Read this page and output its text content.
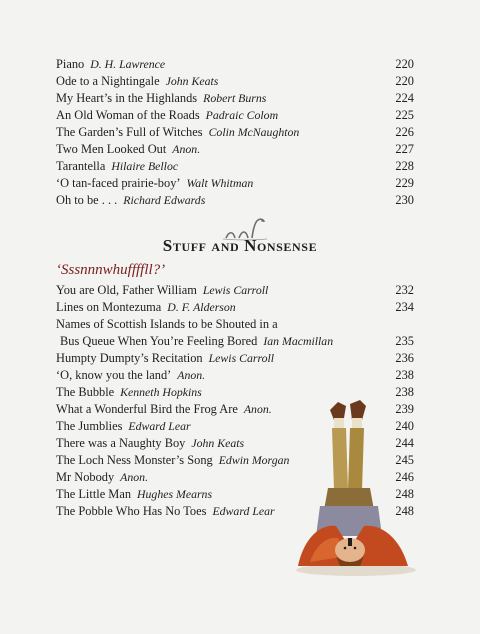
Piano D. H. Lawrence	220
Ode to a Nightingale John Keats	220
My Heart’s in the Highlands Robert Burns	224
An Old Woman of the Roads Padraic Colom	225
The Garden’s Full of Witches Colin McNaughton	226
Two Men Looked Out Anon.	227
Tarantella Hilaire Belloc	228
‘O tan-faced prairie-boy’ Walt Whitman	229
Oh to be . . . Richard Edwards	230
Stuff and Nonsense
‘Sssnnnwhuffffll?’
You are Old, Father William Lewis Carroll	232
Lines on Montezuma D. F. Alderson	234
Names of Scottish Islands to be Shouted in a
Bus Queue When You’re Feeling Bored Ian Macmillan	235
Humpty Dumpty’s Recitation Lewis Carroll	236
‘O, know you the land’ Anon.	238
The Bubble Kenneth Hopkins	238
What a Wonderful Bird the Frog Are Anon.	239
The Jumblies Edward Lear	240
There was a Naughty Boy John Keats	244
The Loch Ness Monster’s Song Edwin Morgan	245
Mr Nobody Anon.	246
The Little Man Hughes Mearns	248
The Pobble Who Has No Toes Edward Lear	248
